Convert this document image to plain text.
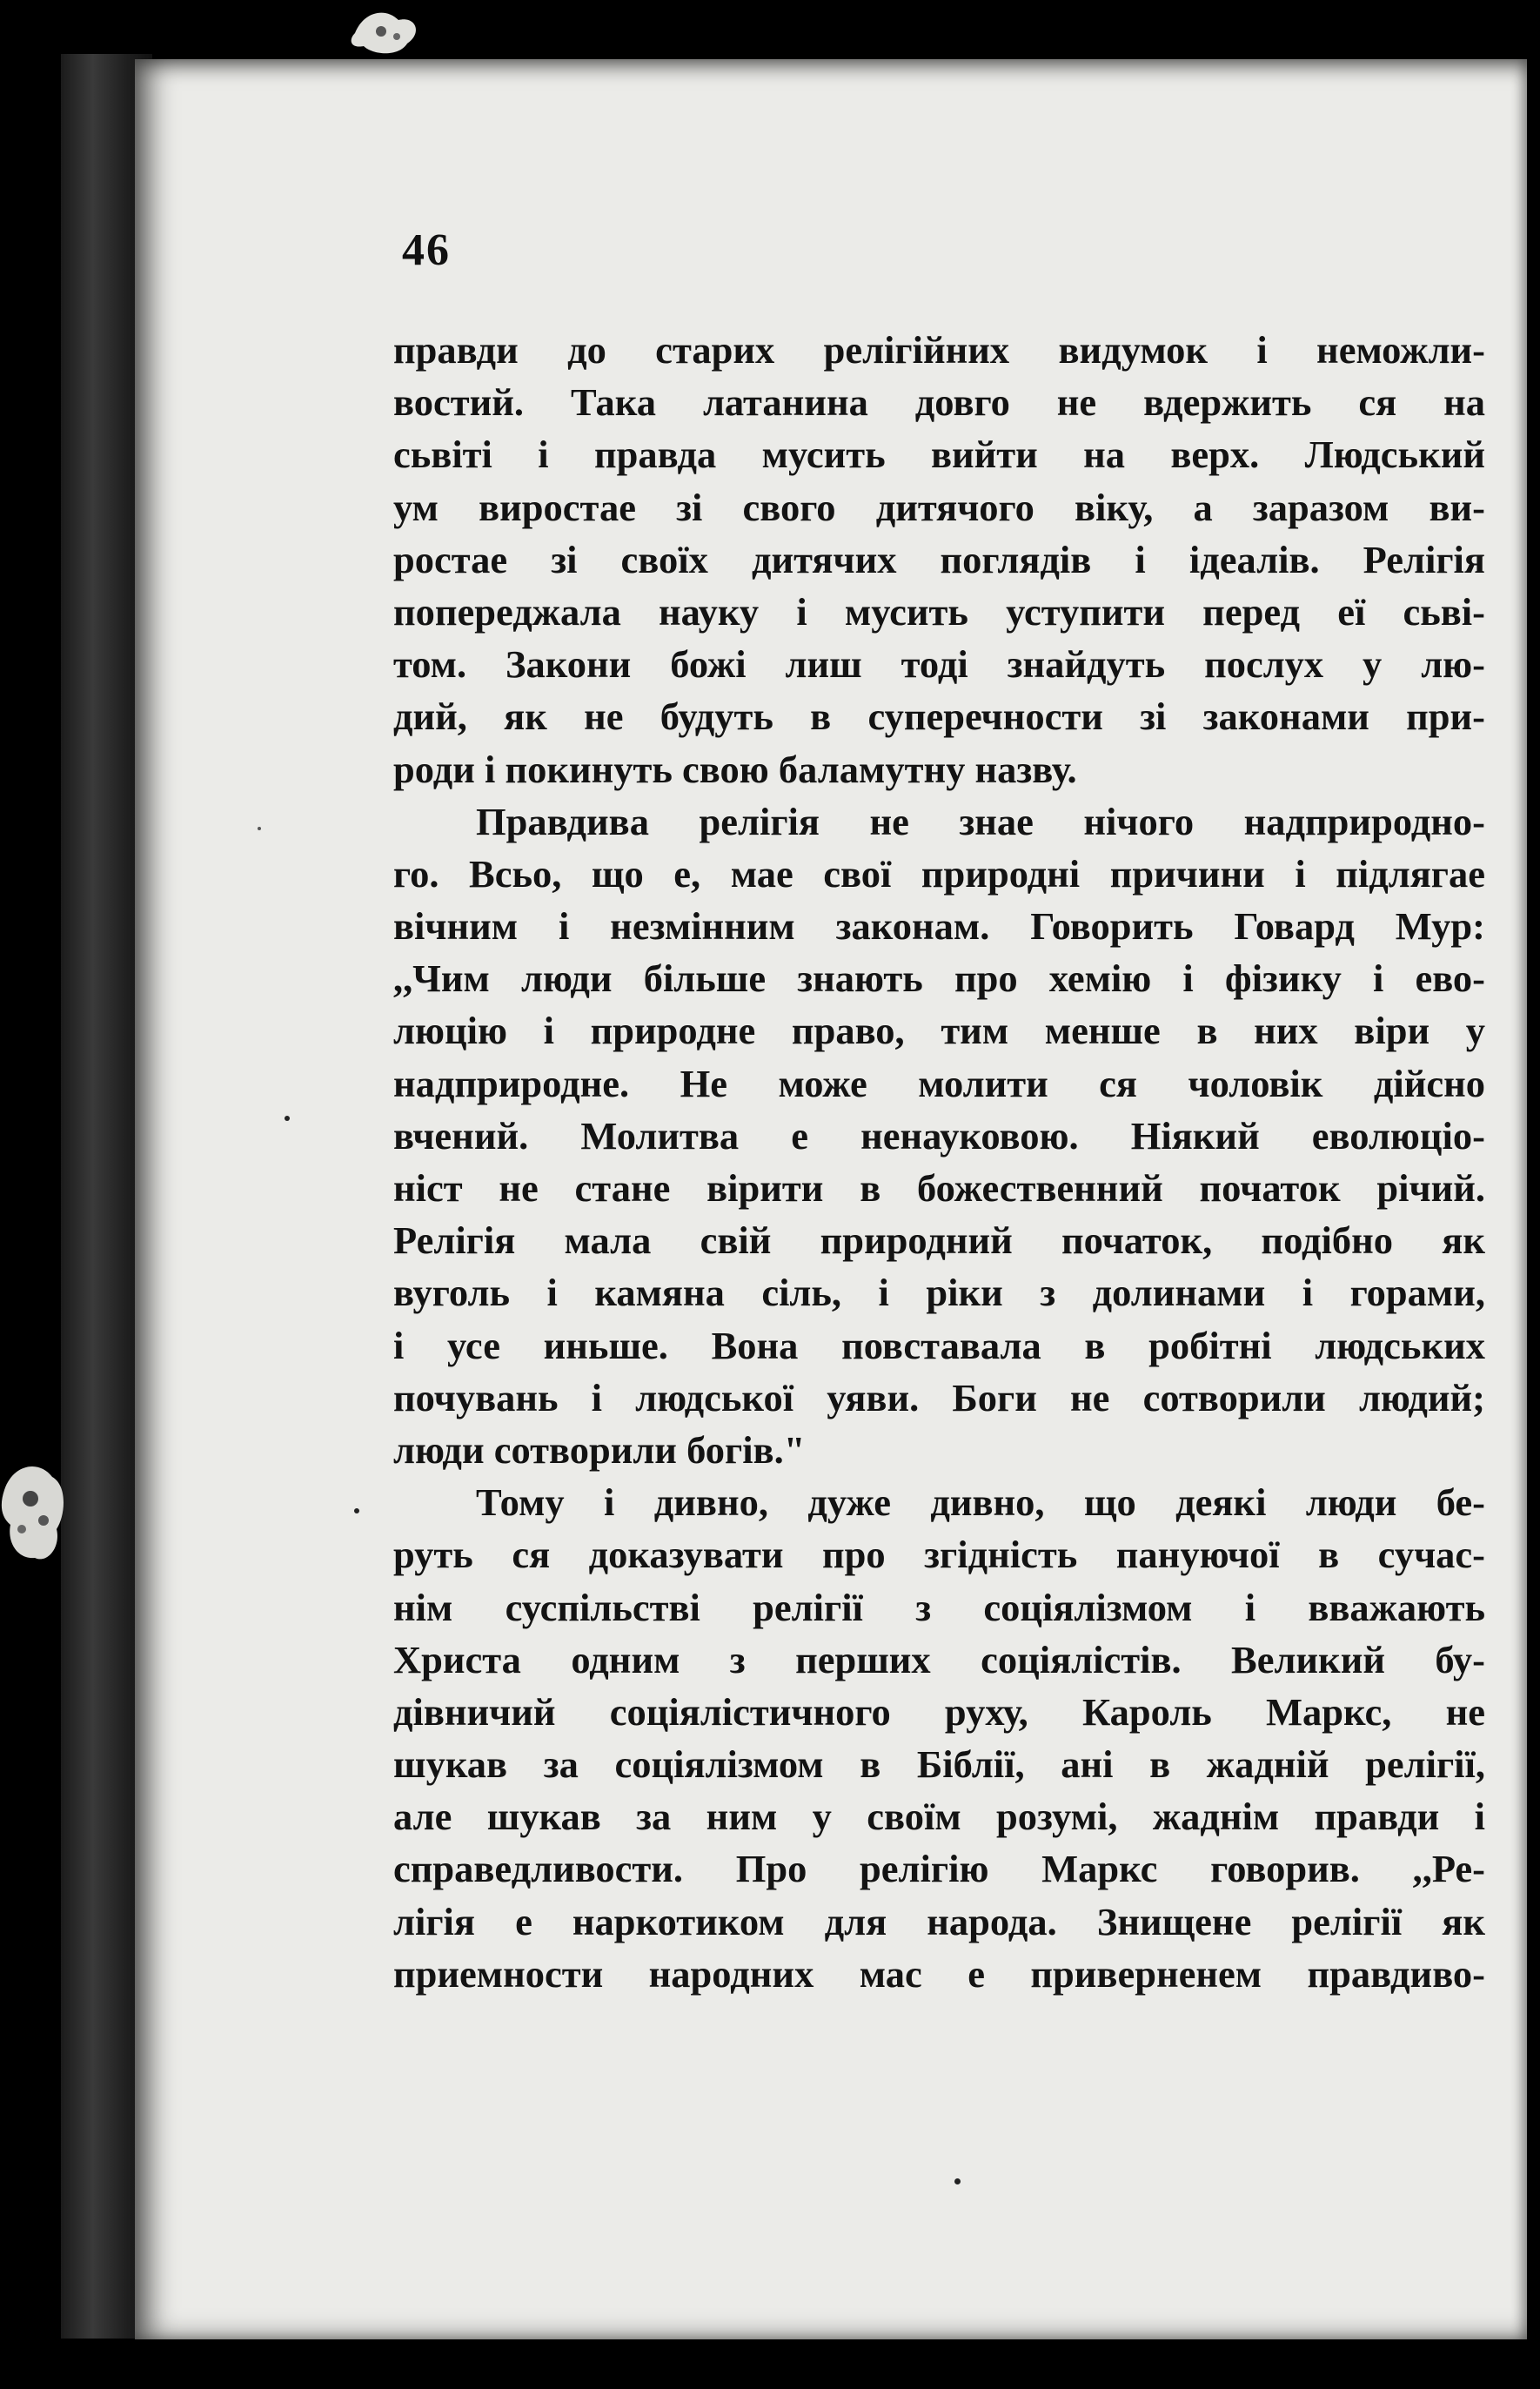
46
правди до старих релігійних видумок і неможли-
востий. Така латанина довго не вдержить ся на
сьвіті і правда мусить вийти на верх. Людський
ум виростае зі свого дитячого віку, а заразом ви-
ростае зі своїх дитячих поглядів і ідеалів. Релігія
попереджала науку і мусить уступити перед еї сьві-
том. Закони божі лиш тоді знайдуть послух у лю-
дий, як не будуть в суперечности зі законами при-
роди і покинуть свою баламутну назву.
Правдива релігія не знае нічого надприродно-
го. Всьо, що е, мае свої природні причини і підлягае
вічним і незмінним законам. Говорить Говард Мур:
,,Чим люди більше знають про хемію і фізику і ево-
люцію і природне право, тим менше в них віри у
надприродне. Не може молити ся чоловік дійсно
вчений. Молитва е ненауковою. Ніякий еволюціо-
ніст не стане вірити в божественний початок річий.
Релігія мала свій природний початок, подібно як
вуголь і камяна сіль, і ріки з долинами і горами,
і усе иньше. Вона повставала в робітні людських
почувань і людської уяви. Боги не сотворили людий;
люди сотворили богів."
Тому і дивно, дуже дивно, що деякі люди бе-
руть ся доказувати про згідність пануючої в сучас-
нім суспільстві релігії з соціялізмом і вважають
Христа одним з перших соціялістів. Великий бу-
дівничий соціялістичного руху, Кароль Маркс, не
шукав за соціялізмом в Біблії, ані в жадній релігії,
але шукав за ним у своїм розумі, жаднім правди і
справедливости. Про релігію Маркс говорив. ,,Ре-
лігія е наркотиком для народа. Знищене релігії як
приемности народних мас е приверненем правдиво-
